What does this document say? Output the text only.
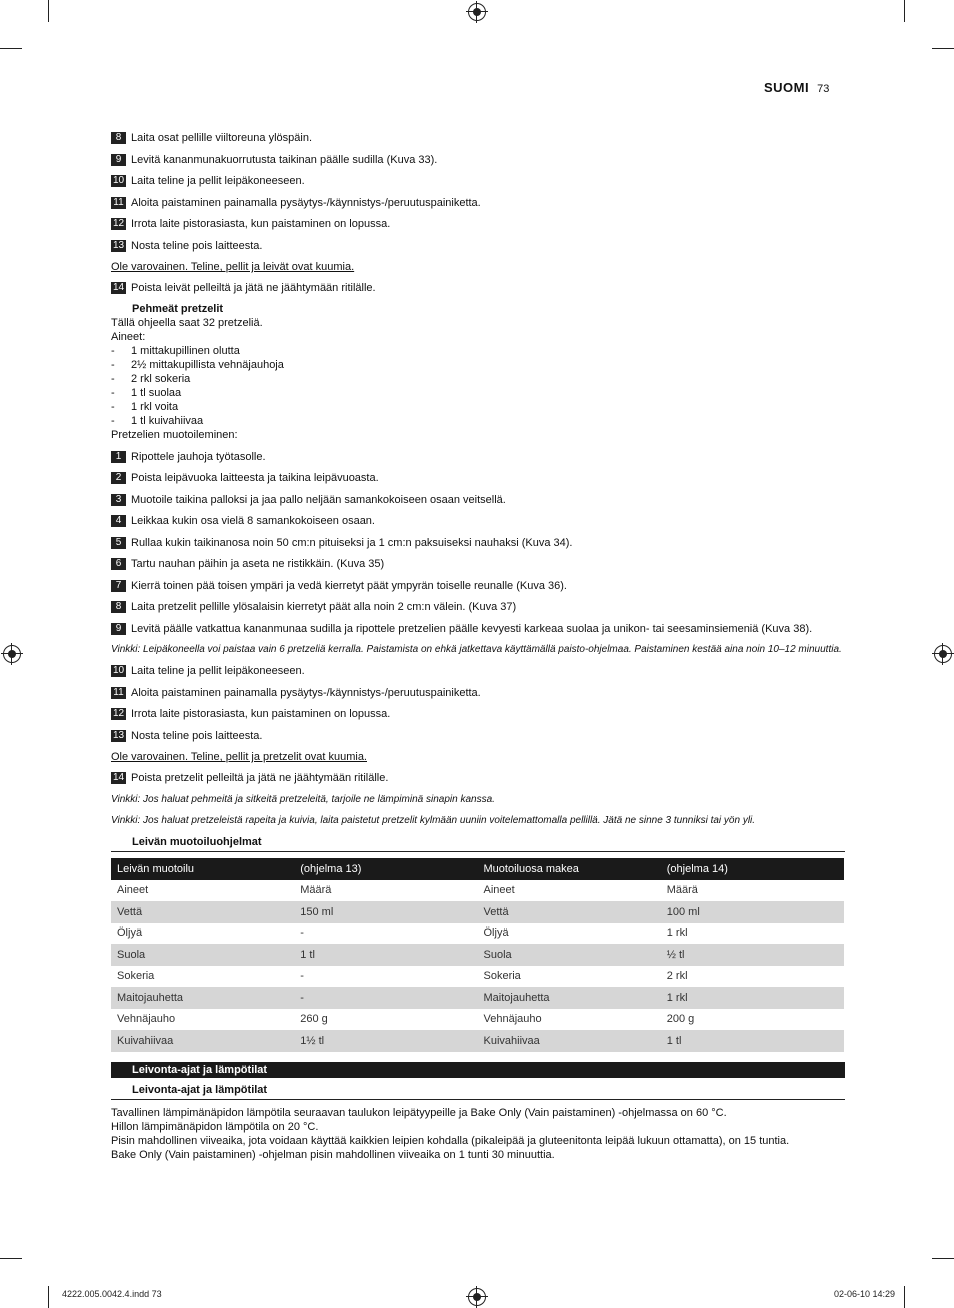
SUOMI 73
8 Laita osat pellille viiltoreuna ylöspäin.
9 Levitä kananmunakuorrutusta taikinan päälle sudilla (Kuva 33).
10 Laita teline ja pellit leipäkoneeseen.
11 Aloita paistaminen painamalla pysäytys-/käynnistys-/peruutuspainiketta.
12 Irrota laite pistorasiasta, kun paistaminen on lopussa.
13 Nosta teline pois laitteesta.
Ole varovainen. Teline, pellit ja leivät ovat kuumia.
14 Poista leivät pelleiltä ja jätä ne jäähtymään ritilälle.
Pehmeät pretzelit
Tällä ohjeella saat 32 pretzeliä.
Aineet:
-	1 mittakupillinen olutta
-	2½ mittakupillista vehnäjauhoja
-	2 rkl sokeria
-	1 tl suolaa
-	1 rkl voita
-	1 tl kuivahiivaa
Pretzelien muotoileminen:
1 Ripottele jauhoja työtasolle.
2 Poista leipävuoka laitteesta ja taikina leipävuoasta.
3 Muotoile taikina palloksi ja jaa pallo neljään samankokoiseen osaan veitsellä.
4 Leikkaa kukin osa vielä 8 samankokoiseen osaan.
5 Rullaa kukin taikinanosa noin 50 cm:n pituiseksi ja 1 cm:n paksuiseksi nauhaksi (Kuva 34).
6 Tartu nauhan päihin ja aseta ne ristikkäin. (Kuva 35)
7 Kierrä toinen pää toisen ympäri ja vedä kierretyt päät ympyrän toiselle reunalle (Kuva 36).
8 Laita pretzelit pellille ylösalaisin kierretyt päät alla noin 2 cm:n välein. (Kuva 37)
9 Levitä päälle vatkattua kananmunaa sudilla ja ripottele pretzelien päälle kevyesti karkeaa suolaa ja unikon- tai seesaminsiemeniä (Kuva 38).
Vinkki: Leipäkoneella voi paistaa vain 6 pretzeliä kerralla. Paistamista on ehkä jatkettava käyttämällä paisto-ohjelmaa. Paistaminen kestää aina noin 10–12 minuuttia.
10 Laita teline ja pellit leipäkoneeseen.
11 Aloita paistaminen painamalla pysäytys-/käynnistys-/peruutuspainiketta.
12 Irrota laite pistorasiasta, kun paistaminen on lopussa.
13 Nosta teline pois laitteesta.
Ole varovainen. Teline, pellit ja pretzelit ovat kuumia.
14 Poista pretzelit pelleiltä ja jätä ne jäähtymään ritilälle.
Vinkki: Jos haluat pehmeitä ja sitkeitä pretzeleitä, tarjoile ne lämpiminä sinapin kanssa.
Vinkki: Jos haluat pretzeleistä rapeita ja kuivia, laita paistetut pretzelit kylmään uuniin voitelemattomalla pellillä. Jätä ne sinne 3 tunniksi tai yön yli.
Leivän muotoiluohjelmat
Leivän muotoilu	(ohjelma 13)	Muotoiluosa makea	(ohjelma 14)
Aineet	Määrä	Aineet	Määrä
Vettä	150 ml	Vettä	100 ml
Öljyä	-	Öljyä	1 rkl
Suola	1 tl	Suola	½ tl
Sokeria	-	Sokeria	2 rkl
Maitojauhetta	-	Maitojauhetta	1 rkl
Vehnäjauho	260 g	Vehnäjauho	200 g
Kuivahiivaa	1½ tl	Kuivahiivaa	1 tl
Leivonta-ajat ja lämpötilat
Leivonta-ajat ja lämpötilat
Tavallinen lämpimänäpidon lämpötila seuraavan taulukon leipätyypeille ja Bake Only (Vain paistaminen) -ohjelmassa on 60 °C.
Hillon lämpimänäpidon lämpötila on 20 °C.
Pisin mahdollinen viiveaika, jota voidaan käyttää kaikkien leipien kohdalla (pikaleipää ja gluteenitonta leipää lukuun ottamatta), on 15 tuntia.
Bake Only (Vain paistaminen) -ohjelman pisin mahdollinen viiveaika on 1 tunti 30 minuuttia.
4222.005.0042.4.indd 73	02-06-10 14:29
